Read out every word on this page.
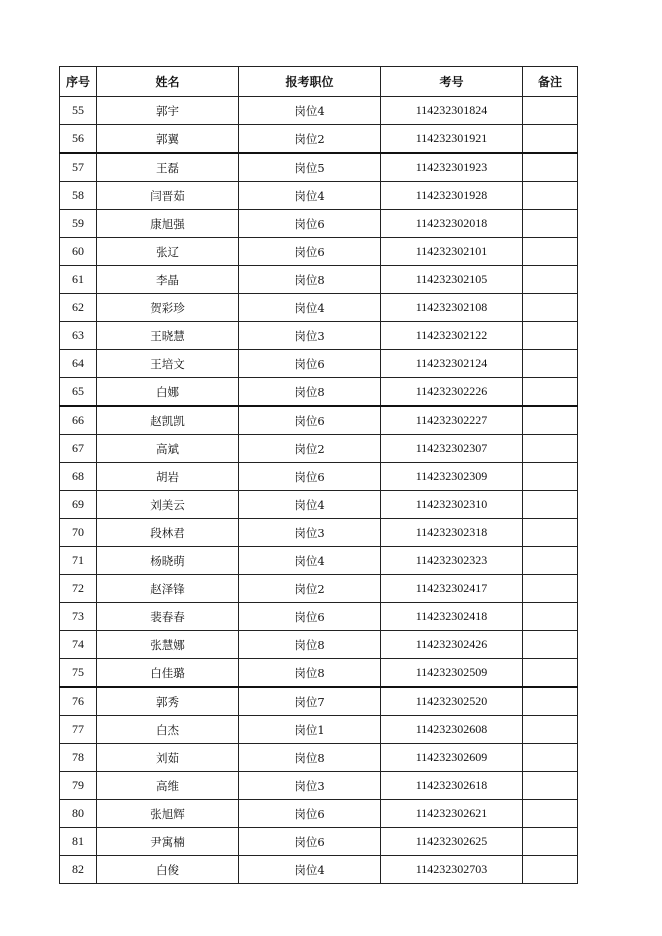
序号	姓名	报考职位	考号	备注
55	郭宇	岗位4	114232301824	
56	郭翼	岗位2	114232301921	
57	王磊	岗位5	114232301923	
58	闫晋茹	岗位4	114232301928	
59	康旭强	岗位6	114232302018	
60	张辽	岗位6	114232302101	
61	李晶	岗位8	114232302105	
62	贺彩珍	岗位4	114232302108	
63	王晓慧	岗位3	114232302122	
64	王培文	岗位6	114232302124	
65	白娜	岗位8	114232302226	
66	赵凯凯	岗位6	114232302227	
67	高斌	岗位2	114232302307	
68	胡岩	岗位6	114232302309	
69	刘美云	岗位4	114232302310	
70	段林君	岗位3	114232302318	
71	杨晓萌	岗位4	114232302323	
72	赵泽锋	岗位2	114232302417	
73	裴春春	岗位6	114232302418	
74	张慧娜	岗位8	114232302426	
75	白佳璐	岗位8	114232302509	
76	郭秀	岗位7	114232302520	
77	白杰	岗位1	114232302608	
78	刘茹	岗位8	114232302609	
79	高维	岗位3	114232302618	
80	张旭辉	岗位6	114232302621	
81	尹寓楠	岗位6	114232302625	
82	白俊	岗位4	114232302703	
